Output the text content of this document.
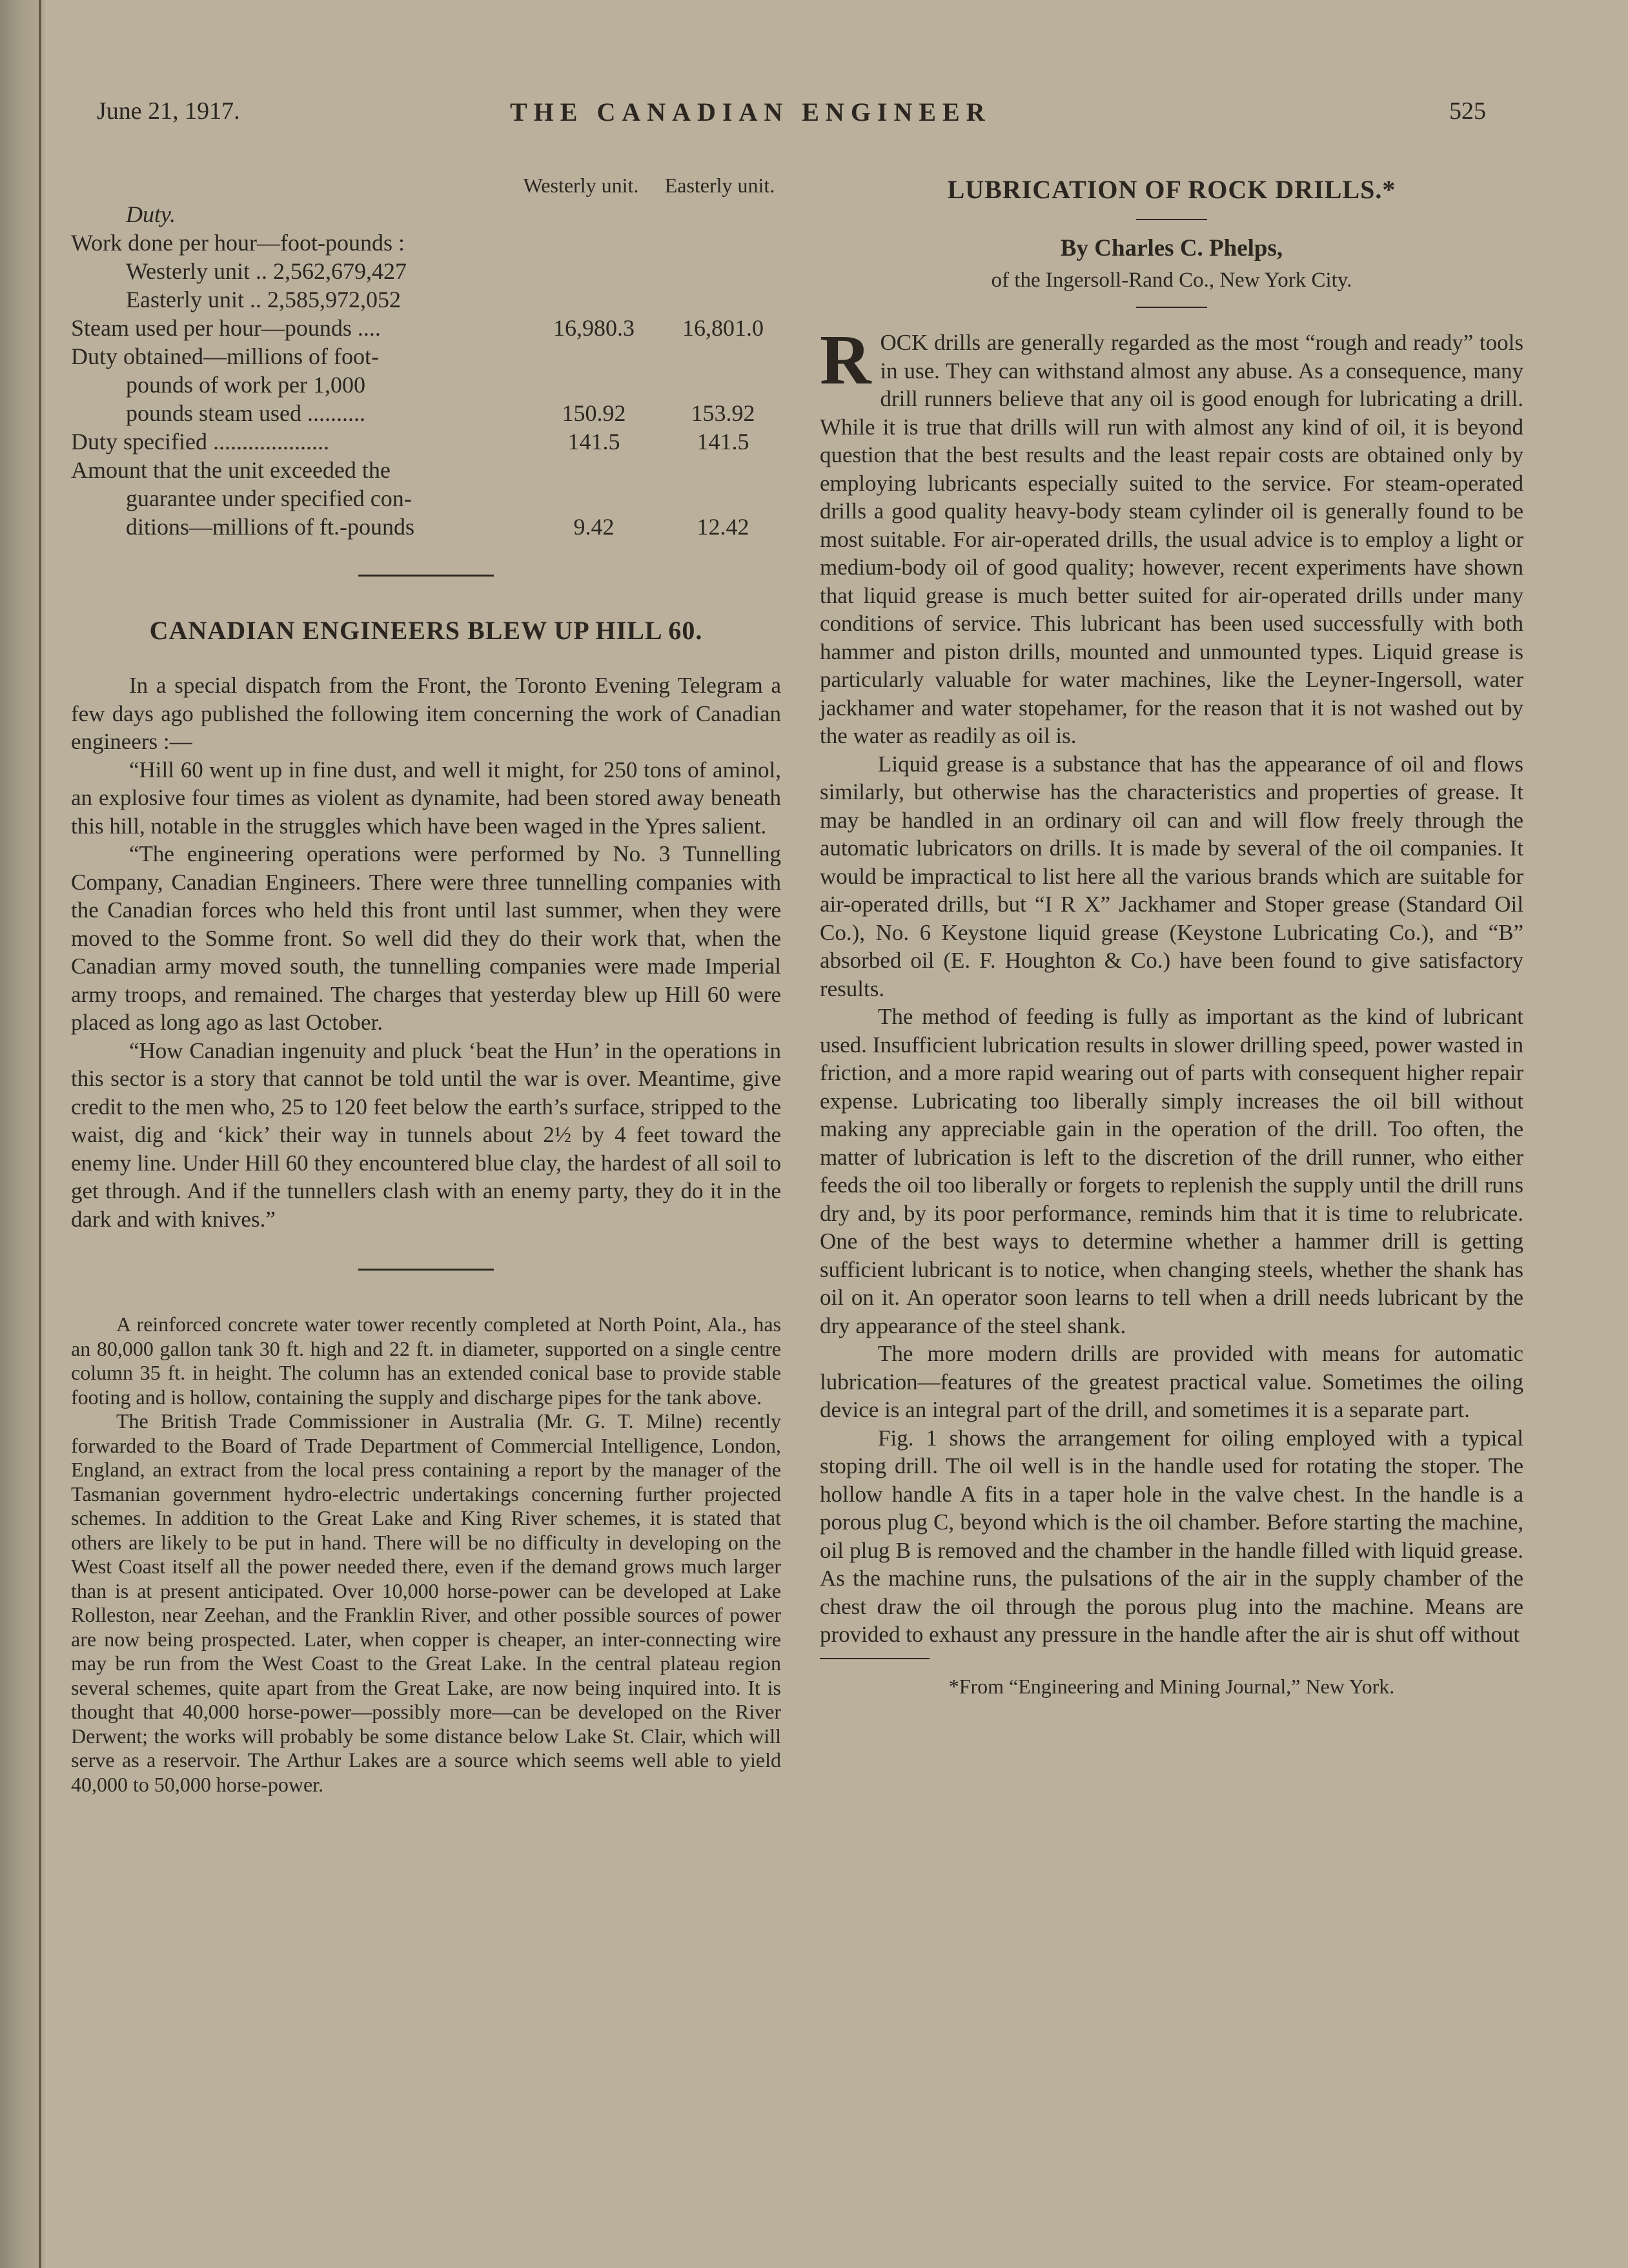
June 21, 1917.	THE CANADIAN ENGINEER	525
Westerly unit.	Easterly unit.
Duty.
Work done per hour—foot-pounds :
Westerly unit .. 2,562,679,427
Easterly unit .. 2,585,972,052
Steam used per hour—pounds ....	16,980.3	16,801.0
Duty obtained—millions of foot-
pounds of work per 1,000
pounds steam used ..........	150.92	153.92
Duty specified ....................	141.5	141.5
Amount that the unit exceeded the
guarantee under specified con-
ditions—millions of ft.-pounds	9.42	12.42
CANADIAN ENGINEERS BLEW UP HILL 60.

In a special dispatch from the Front, the Toronto Evening Telegram a few days ago published the following item concerning the work of Canadian engineers :—

“Hill 60 went up in fine dust, and well it might, for 250 tons of aminol, an explosive four times as violent as dynamite, had been stored away beneath this hill, notable in the struggles which have been waged in the Ypres salient.

“The engineering operations were performed by No. 3 Tunnelling Company, Canadian Engineers. There were three tunnelling companies with the Canadian forces who held this front until last summer, when they were moved to the Somme front. So well did they do their work that, when the Canadian army moved south, the tunnelling companies were made Imperial army troops, and remained. The charges that yesterday blew up Hill 60 were placed as long ago as last October.

“How Canadian ingenuity and pluck ‘beat the Hun’ in the operations in this sector is a story that cannot be told until the war is over. Meantime, give credit to the men who, 25 to 120 feet below the earth’s surface, stripped to the waist, dig and ‘kick’ their way in tunnels about 2½ by 4 feet toward the enemy line. Under Hill 60 they encountered blue clay, the hardest of all soil to get through. And if the tunnellers clash with an enemy party, they do it in the dark and with knives.”

A reinforced concrete water tower recently completed at North Point, Ala., has an 80,000 gallon tank 30 ft. high and 22 ft. in diameter, supported on a single centre column 35 ft. in height. The column has an extended conical base to provide stable footing and is hollow, containing the supply and discharge pipes for the tank above.

The British Trade Commissioner in Australia (Mr. G. T. Milne) recently forwarded to the Board of Trade Department of Commercial Intelligence, London, England, an extract from the local press containing a report by the manager of the Tasmanian government hydro-electric undertakings concerning further projected schemes. In addition to the Great Lake and King River schemes, it is stated that others are likely to be put in hand. There will be no difficulty in developing on the West Coast itself all the power needed there, even if the demand grows much larger than is at present anticipated. Over 10,000 horse-power can be developed at Lake Rolleston, near Zeehan, and the Franklin River, and other possible sources of power are now being prospected. Later, when copper is cheaper, an inter-connecting wire may be run from the West Coast to the Great Lake. In the central plateau region several schemes, quite apart from the Great Lake, are now being inquired into. It is thought that 40,000 horse-power—possibly more—can be developed on the River Derwent; the works will probably be some distance below Lake St. Clair, which will serve as a reservoir. The Arthur Lakes are a source which seems well able to yield 40,000 to 50,000 horse-power.

LUBRICATION OF ROCK DRILLS.*
By Charles C. Phelps,
of the Ingersoll-Rand Co., New York City.

ROCK drills are generally regarded as the most “rough and ready” tools in use. They can withstand almost any abuse. As a consequence, many drill runners believe that any oil is good enough for lubricating a drill. While it is true that drills will run with almost any kind of oil, it is beyond question that the best results and the least repair costs are obtained only by employing lubricants especially suited to the service. For steam-operated drills a good quality heavy-body steam cylinder oil is generally found to be most suitable. For air-operated drills, the usual advice is to employ a light or medium-body oil of good quality; however, recent experiments have shown that liquid grease is much better suited for air-operated drills under many conditions of service. This lubricant has been used successfully with both hammer and piston drills, mounted and unmounted types. Liquid grease is particularly valuable for water machines, like the Leyner-Ingersoll, water jackhamer and water stopehamer, for the reason that it is not washed out by the water as readily as oil is.

Liquid grease is a substance that has the appearance of oil and flows similarly, but otherwise has the characteristics and properties of grease. It may be handled in an ordinary oil can and will flow freely through the automatic lubricators on drills. It is made by several of the oil companies. It would be impractical to list here all the various brands which are suitable for air-operated drills, but “I R X” Jackhamer and Stoper grease (Standard Oil Co.), No. 6 Keystone liquid grease (Keystone Lubricating Co.), and “B” absorbed oil (E. F. Houghton & Co.) have been found to give satisfactory results.

The method of feeding is fully as important as the kind of lubricant used. Insufficient lubrication results in slower drilling speed, power wasted in friction, and a more rapid wearing out of parts with consequent higher repair expense. Lubricating too liberally simply increases the oil bill without making any appreciable gain in the operation of the drill. Too often, the matter of lubrication is left to the discretion of the drill runner, who either feeds the oil too liberally or forgets to replenish the supply until the drill runs dry and, by its poor performance, reminds him that it is time to relubricate. One of the best ways to determine whether a hammer drill is getting sufficient lubricant is to notice, when changing steels, whether the shank has oil on it. An operator soon learns to tell when a drill needs lubricant by the dry appearance of the steel shank.

The more modern drills are provided with means for automatic lubrication—features of the greatest practical value. Sometimes the oiling device is an integral part of the drill, and sometimes it is a separate part.

Fig. 1 shows the arrangement for oiling employed with a typical stoping drill. The oil well is in the handle used for rotating the stoper. The hollow handle A fits in a taper hole in the valve chest. In the handle is a porous plug C, beyond which is the oil chamber. Before starting the machine, oil plug B is removed and the chamber in the handle filled with liquid grease. As the machine runs, the pulsations of the air in the supply chamber of the chest draw the oil through the porous plug into the machine. Means are provided to exhaust any pressure in the handle after the air is shut off without

*From “Engineering and Mining Journal,” New York.
